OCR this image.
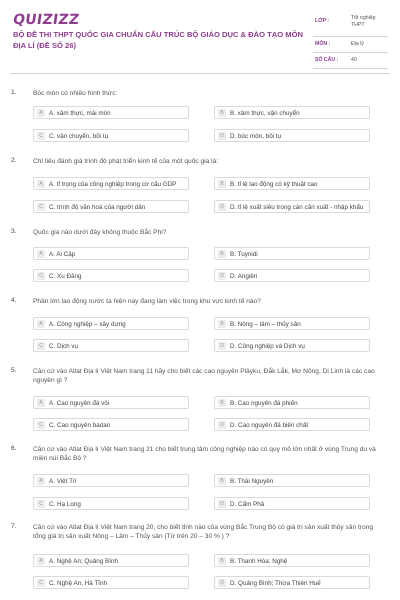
QUIZIZZ
BỘ ĐỀ THI THPT QUỐC GIA CHUẨN CẤU TRÚC BỘ GIÁO DỤC & ĐÀO TẠO MÔN ĐỊA LÍ (ĐỀ SỐ 26)
LỚP :	Tốt nghiệp THPT
MÔN :	Địa lý
SỐ CÂU : 40
1.	Bóc mòn có nhiều hình thức:
A	A. xâm thực, mài mòn	B	B. xâm thực, vận chuyển
C C. vận chuyển, bồi tụ	D D. bóc mòn, bồi tụ
2.	Chỉ tiêu đánh giá trình độ phát triển kinh tế của một quốc gia là:
A	A. tỉ trọng của công nghiệp trong cơ cấu GDP	B	B. tỉ lệ lao động có kỹ thuật cao
C C. trình độ văn hoá của người dân	D D. tỉ lệ xuất siêu trong cán cân xuất - nhập khẩu
3.	Quốc gia nào dưới đây không thuộc Bắc Phi?
A	A. Ai Cập	B	B. Tuynidi
C C. Xu Đăng	D D. Angiêri
4.	Phần lớn lao động nước ta hiện nay đang làm việc trong khu vực kinh tế nào?
A	A. Công nghiệp – xây dựng	B	B. Nông – lâm – thủy sản
C C. Dịch vụ	D D. Công nghiệp và Dịch vụ
5.	Căn cứ vào Atlat Địa lí Việt Nam trang 11 hãy cho biết các cao nguyên Plâyku, Đắk Lắk, Mơ Nông, Di Linh là các cao nguyên gì ?
A	A. Cao nguyên đá vôi	B	B. Cao nguyên đá phiến
C C. Cao nguyên badan	D D. Cao nguyên đá biến chất
6.	Căn cứ vào Atlat Địa lí Việt Nam trang 21 cho biết trung tâm công nghiệp nào có quy mô lớn nhất ở vùng Trung du và miền núi Bắc Bộ ?
A	A. Việt Trì	B	B. Thái Nguyên
C C. Hạ Long	D D. Cẩm Phả
7.	Căn cứ vào Atlat Địa lí Việt Nam trang 20, cho biết tỉnh nào của vùng Bắc Trung Bộ có giá trị sản xuất thủy sản trong tổng giá trị sản xuất Nông – Lâm – Thủy sản (Từ trên 20 – 30 % ) ?
A	A. Nghệ An; Quảng Bình	B	B. Thanh Hóa; Nghệ
C C. Nghệ An, Hà Tĩnh	D D. Quảng Bình; Thừa Thiên Huế
